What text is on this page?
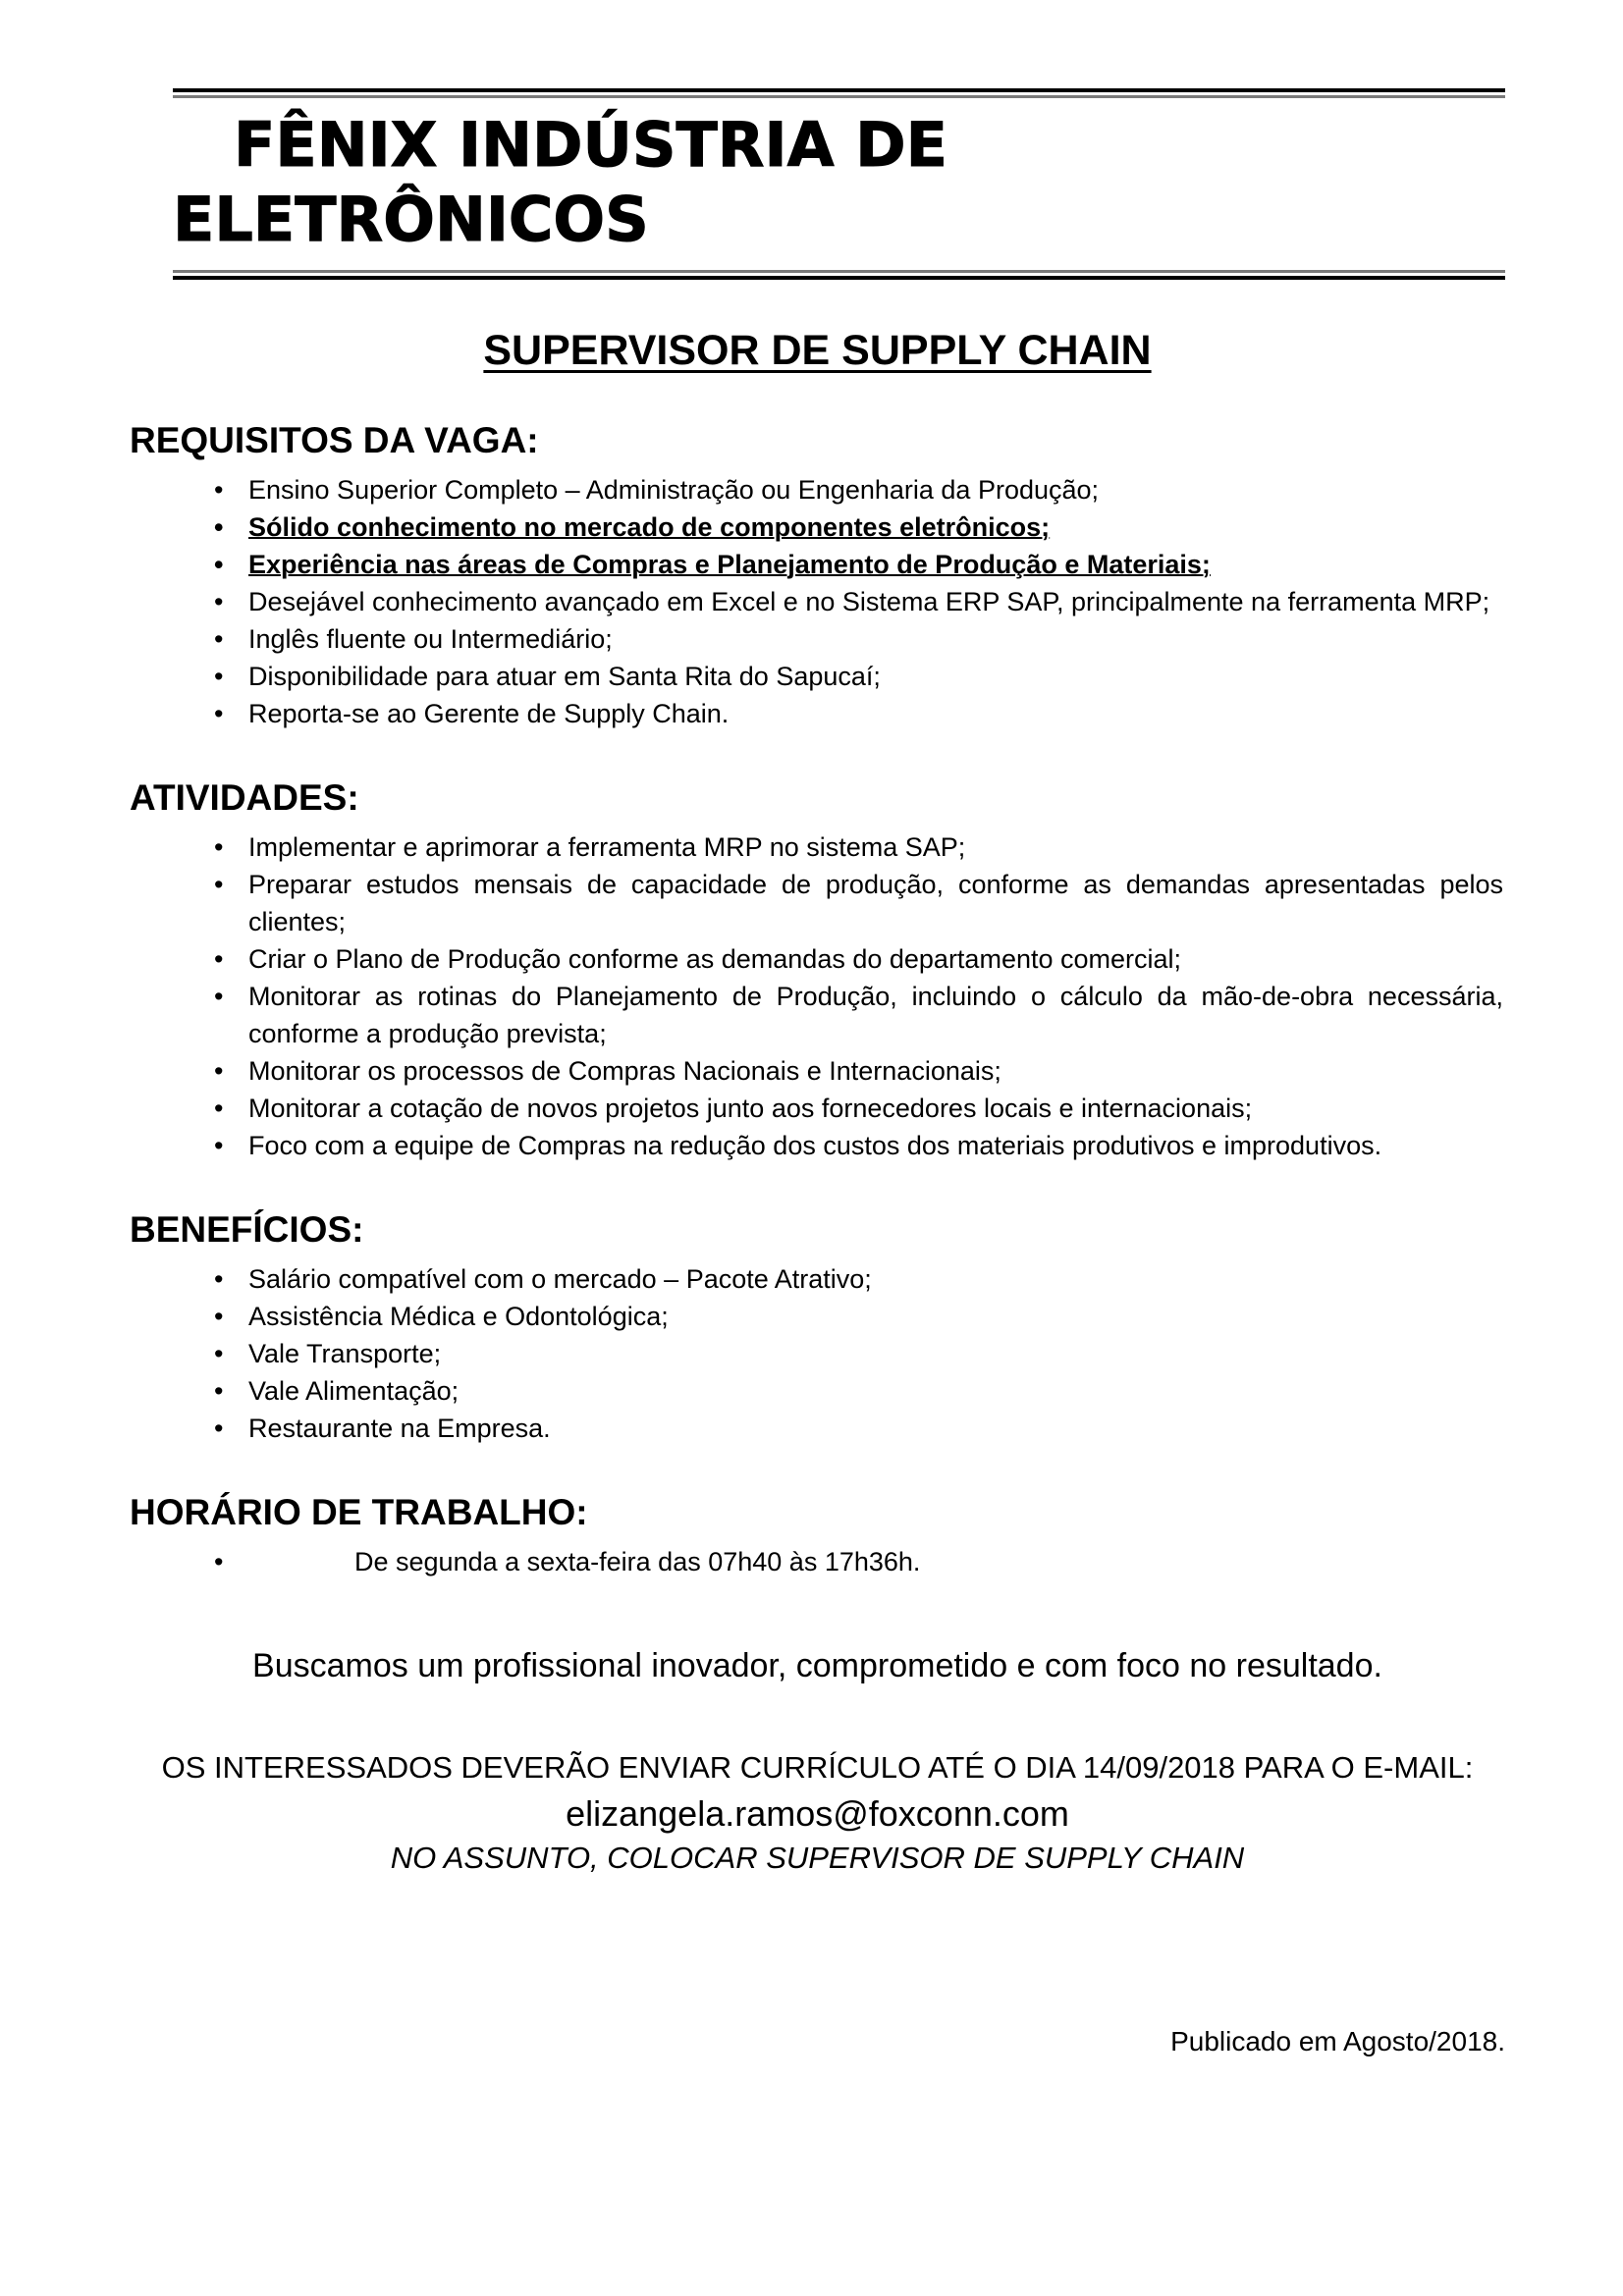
FÊNIX INDÚSTRIA DE
ELETRÔNICOS
SUPERVISOR DE SUPPLY CHAIN
REQUISITOS DA VAGA:
• Ensino Superior Completo – Administração ou Engenharia da Produção;
• Sólido conhecimento no mercado de componentes eletrônicos;
• Experiência nas áreas de Compras e Planejamento de Produção e Materiais;
• Desejável conhecimento avançado em Excel e no Sistema ERP SAP, principalmente na ferramenta MRP;
• Inglês fluente ou Intermediário;
• Disponibilidade para atuar em Santa Rita do Sapucaí;
• Reporta-se ao Gerente de Supply Chain.
ATIVIDADES:
• Implementar e aprimorar a ferramenta MRP no sistema SAP;
• Preparar estudos mensais de capacidade de produção, conforme as demandas apresentadas pelos clientes;
• Criar o Plano de Produção conforme as demandas do departamento comercial;
• Monitorar as rotinas do Planejamento de Produção, incluindo o cálculo da mão-de-obra necessária, conforme a produção prevista;
• Monitorar os processos de Compras Nacionais e Internacionais;
• Monitorar a cotação de novos projetos junto aos fornecedores locais e internacionais;
• Foco com a equipe de Compras na redução dos custos dos materiais produtivos e improdutivos.
BENEFÍCIOS:
• Salário compatível com o mercado – Pacote Atrativo;
• Assistência Médica e Odontológica;
• Vale Transporte;
• Vale Alimentação;
• Restaurante na Empresa.
HORÁRIO DE TRABALHO:
• De segunda a sexta-feira das 07h40 às 17h36h.
Buscamos um profissional inovador, comprometido e com foco no resultado.
OS INTERESSADOS DEVERÃO ENVIAR CURRÍCULO ATÉ O DIA 14/09/2018 PARA O E-MAIL:
elizangela.ramos@foxconn.com
NO ASSUNTO, COLOCAR SUPERVISOR DE SUPPLY CHAIN
Publicado em Agosto/2018.
